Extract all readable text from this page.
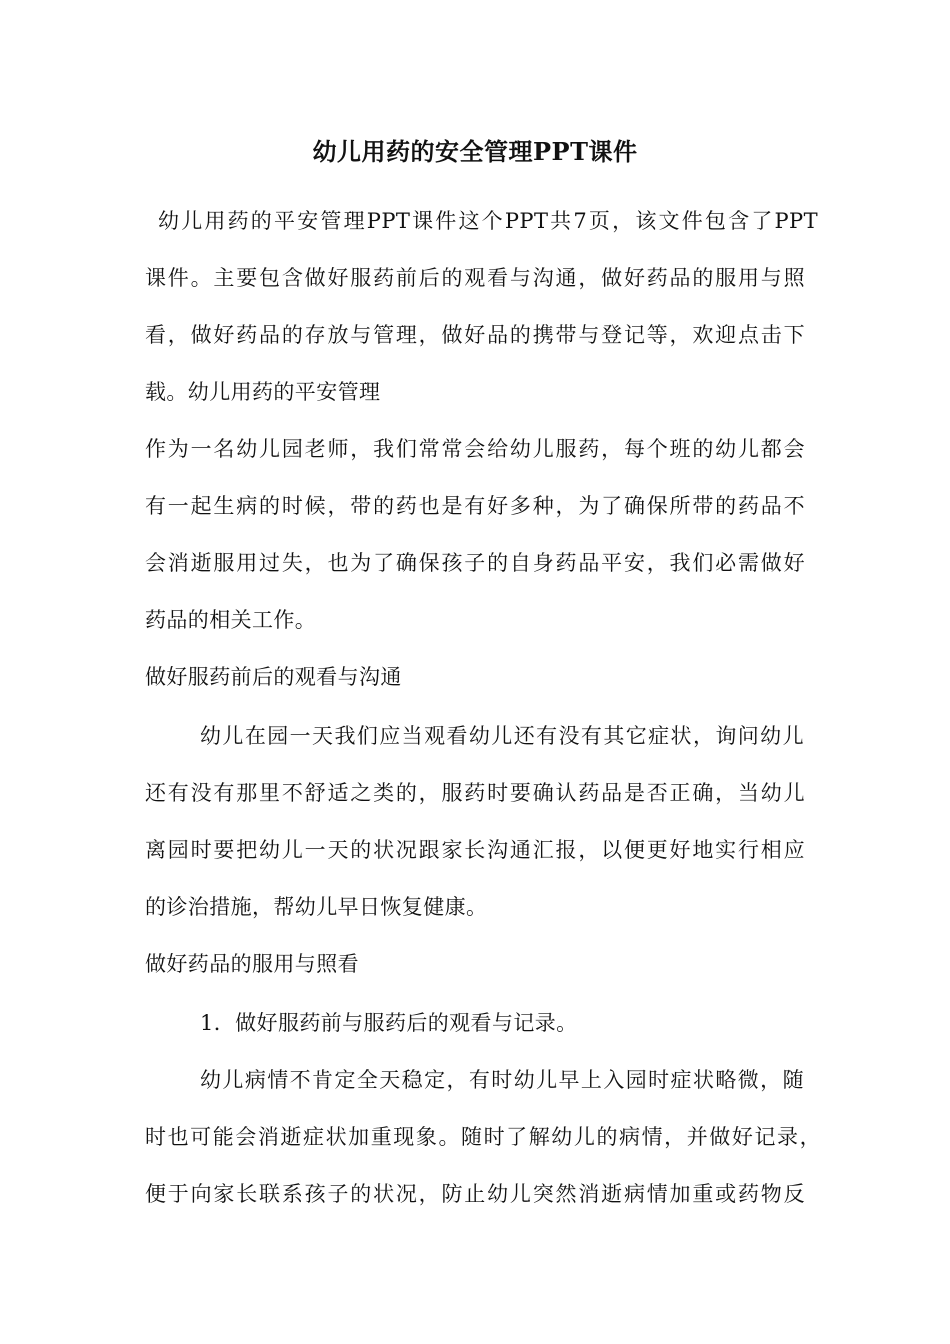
幼儿用药的安全管理PPT课件
幼儿用药的平安管理PPT课件这个PPT共7页，该文件包含了PPT
课件。主要包含做好服药前后的观看与沟通，做好药品的服用与照
看，做好药品的存放与管理，做好品的携带与登记等，欢迎点击下
载。幼儿用药的平安管理
作为一名幼儿园老师，我们常常会给幼儿服药，每个班的幼儿都会
有一起生病的时候，带的药也是有好多种，为了确保所带的药品不
会消逝服用过失，也为了确保孩子的自身药品平安，我们必需做好
药品的相关工作。
做好服药前后的观看与沟通
幼儿在园一天我们应当观看幼儿还有没有其它症状，询问幼儿
还有没有那里不舒适之类的，服药时要确认药品是否正确，当幼儿
离园时要把幼儿一天的状况跟家长沟通汇报，以便更好地实行相应
的诊治措施，帮幼儿早日恢复健康。
做好药品的服用与照看
1．做好服药前与服药后的观看与记录。
幼儿病情不肯定全天稳定，有时幼儿早上入园时症状略微，随
时也可能会消逝症状加重现象。随时了解幼儿的病情，并做好记录，
便于向家长联系孩子的状况，防止幼儿突然消逝病情加重或药物反
